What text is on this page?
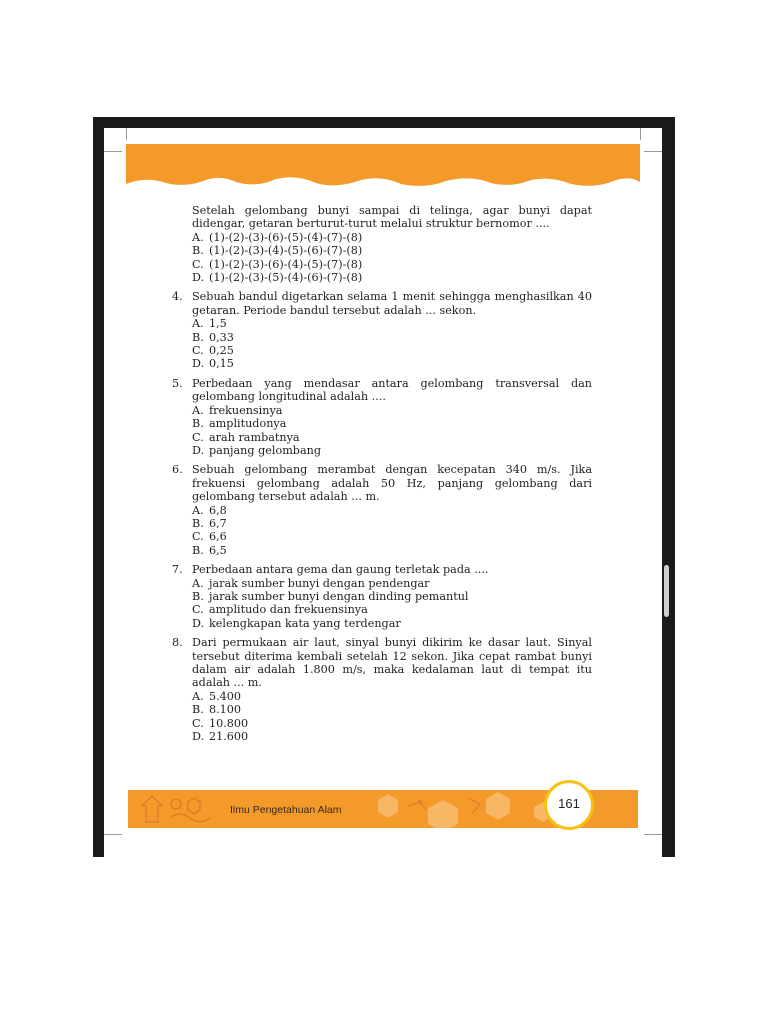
Setelah gelombang bunyi sampai di telinga, agar bunyi dapat

didengar, getaran berturut-turut melalui struktur bernomor ....

A. (1)-(2)-(3)-(6)-(5)-(4)-(7)-(8)
B. (1)-(2)-(3)-(4)-(5)-(6)-(7)-(8)
C. (1)-(2)-(3)-(6)-(4)-(5)-(7)-(8)
D. (1)-(2)-(3)-(5)-(4)-(6)-(7)-(8)
4. Sebuah bandul digetarkan selama 1 menit sehingga menghasilkan 40 getaran. Periode bandul tersebut adalah ... sekon.

A. 1,5
B. 0,33
C. 0,25
D. 0,15
5. Perbedaan yang mendasar antara gelombang transversal dan gelombang longitudinal adalah ....

A. frekuensinya
B. amplitudonya
C. arah rambatnya
D. panjang gelombang
6. Sebuah gelombang merambat dengan kecepatan 340 m/s. Jika frekuensi gelombang adalah 50 Hz, panjang gelombang dari gelombang tersebut adalah ... m.

A. 6,8
B. 6,7
C. 6,6
B. 6,5
7. Perbedaan antara gema dan gaung terletak pada ....

A. jarak sumber bunyi dengan pendengar
B. jarak sumber bunyi dengan dinding pemantul
C. amplitudo dan frekuensinya
D. kelengkapan kata yang terdengar
8. Dari permukaan air laut, sinyal bunyi dikirim ke dasar laut. Sinyal tersebut diterima kembali setelah 12 sekon. Jika cepat rambat bunyi dalam air adalah 1.800 m/s, maka kedalaman laut di tempat itu adalah ... m.

A. 5.400
B. 8.100
C. 10.800
D. 21.600
Ilmu Pengetahuan Alam	161
